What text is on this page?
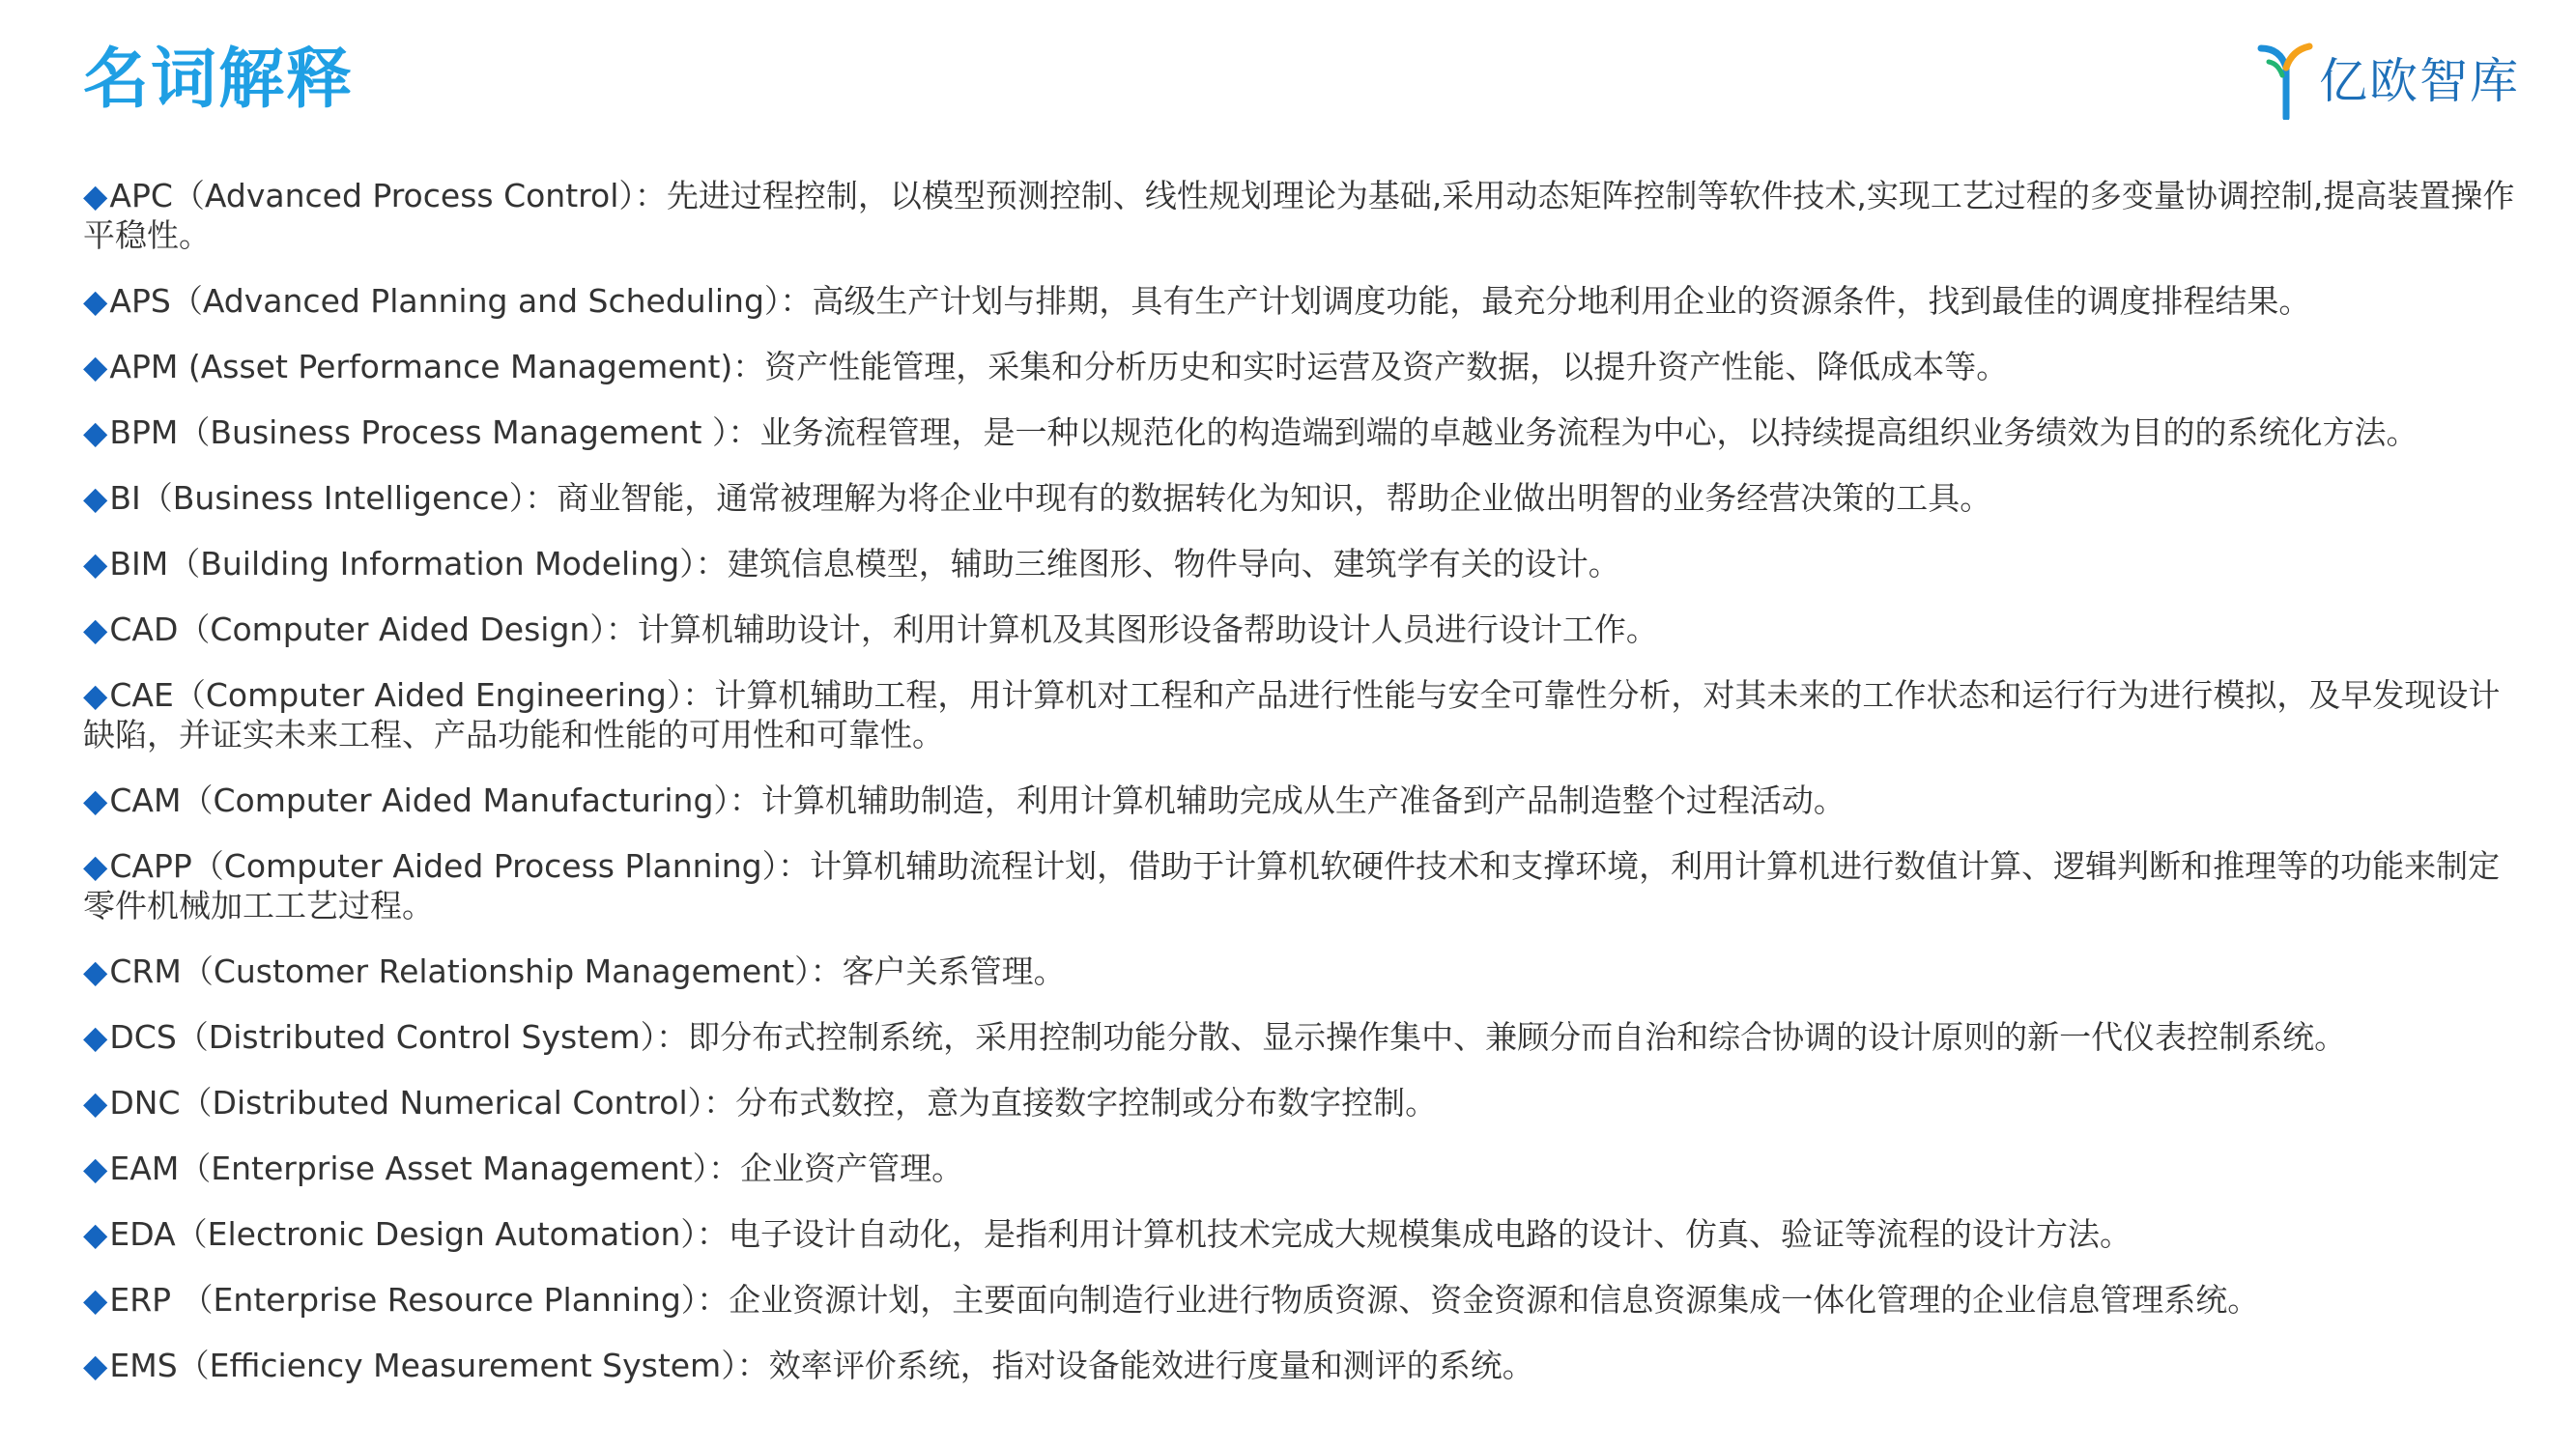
名词解释	亿欧智库
◆APC（Advanced Process Control）：先进过程控制，以模型预测控制、线性规划理论为基础,采用动态矩阵控制等软件技术,实现工艺过程的多变量协调控制,提高装置操作平稳性。
◆APS（Advanced Planning and Scheduling）：高级生产计划与排期，具有生产计划调度功能，最充分地利用企业的资源条件，找到最佳的调度排程结果。
◆APM (Asset Performance Management)：资产性能管理，采集和分析历史和实时运营及资产数据，以提升资产性能、降低成本等。
◆BPM（Business Process Management ）：业务流程管理，是一种以规范化的构造端到端的卓越业务流程为中心，以持续提高组织业务绩效为目的的系统化方法。
◆BI（Business Intelligence）：商业智能，通常被理解为将企业中现有的数据转化为知识，帮助企业做出明智的业务经营决策的工具。
◆BIM（Building Information Modeling）：建筑信息模型，辅助三维图形、物件导向、建筑学有关的设计。
◆CAD（Computer Aided Design）：计算机辅助设计，利用计算机及其图形设备帮助设计人员进行设计工作。
◆CAE（Computer Aided Engineering）：计算机辅助工程，用计算机对工程和产品进行性能与安全可靠性分析，对其未来的工作状态和运行行为进行模拟，及早发现设计缺陷，并证实未来工程、产品功能和性能的可用性和可靠性。
◆CAM（Computer Aided Manufacturing）：计算机辅助制造，利用计算机辅助完成从生产准备到产品制造整个过程活动。
◆CAPP（Computer Aided Process Planning）：计算机辅助流程计划，借助于计算机软硬件技术和支撑环境，利用计算机进行数值计算、逻辑判断和推理等的功能来制定零件机械加工工艺过程。
◆CRM（Customer Relationship Management）：客户关系管理。
◆DCS（Distributed Control System）：即分布式控制系统，采用控制功能分散、显示操作集中、兼顾分而自治和综合协调的设计原则的新一代仪表控制系统。
◆DNC（Distributed Numerical Control）：分布式数控，意为直接数字控制或分布数字控制。
◆EAM（Enterprise Asset Management）：企业资产管理。
◆EDA（Electronic Design Automation）：电子设计自动化，是指利用计算机技术完成大规模集成电路的设计、仿真、验证等流程的设计方法。
◆ERP （Enterprise Resource Planning）：企业资源计划，主要面向制造行业进行物质资源、资金资源和信息资源集成一体化管理的企业信息管理系统。
◆EMS（Efficiency Measurement System）：效率评价系统，指对设备能效进行度量和测评的系统。
